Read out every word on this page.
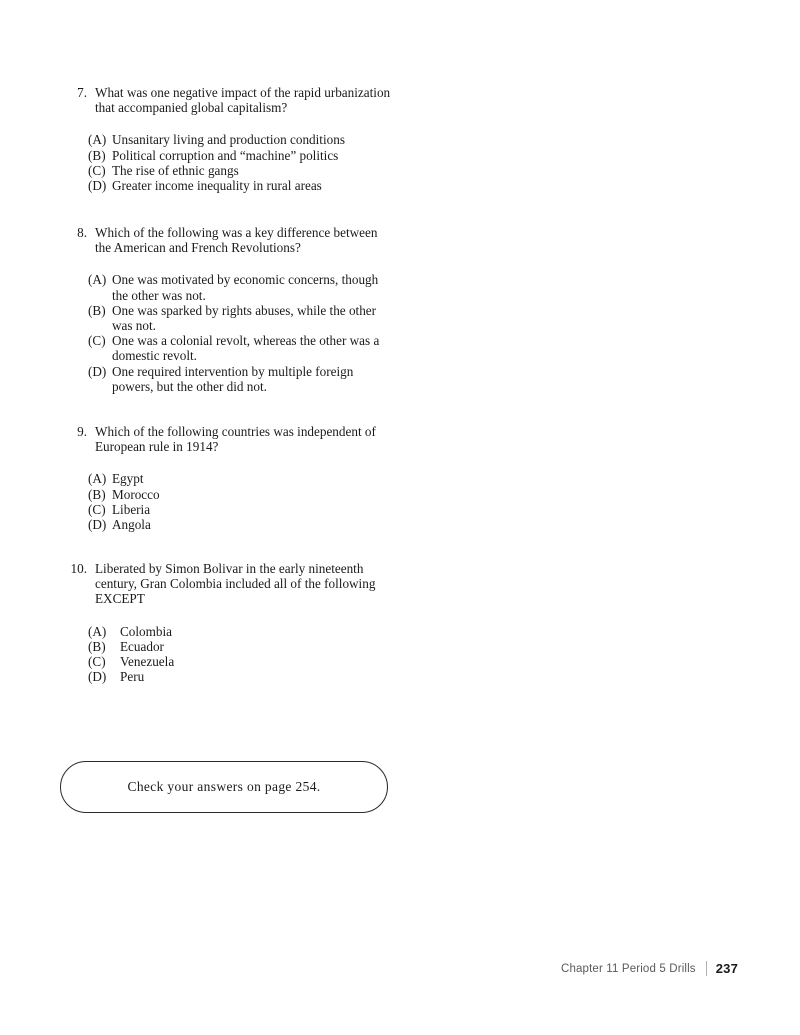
7. What was one negative impact of the rapid urbanization that accompanied global capitalism?
(A) Unsanitary living and production conditions
(B) Political corruption and “machine” politics
(C) The rise of ethnic gangs
(D) Greater income inequality in rural areas
8. Which of the following was a key difference between the American and French Revolutions?
(A) One was motivated by economic concerns, though the other was not.
(B) One was sparked by rights abuses, while the other was not.
(C) One was a colonial revolt, whereas the other was a domestic revolt.
(D) One required intervention by multiple foreign powers, but the other did not.
9. Which of the following countries was independent of European rule in 1914?
(A) Egypt
(B) Morocco
(C) Liberia
(D) Angola
10. Liberated by Simon Bolivar in the early nineteenth century, Gran Colombia included all of the following EXCEPT
(A)	Colombia
(B)	Ecuador
(C)	Venezuela
(D)	Peru
Check your answers on page 254.
Chapter 11 Period 5 Drills 237
